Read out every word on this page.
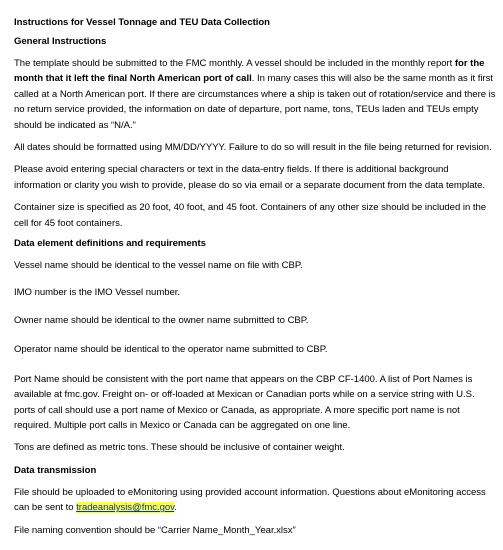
Instructions for Vessel Tonnage and TEU Data Collection
General Instructions

The template should be submitted to the FMC monthly. A vessel should be included in the monthly report for the month that it left the final North American port of call. In many cases this will also be the same month as it first called at a North American port. If there are circumstances where a ship is taken out of rotation/service and there is no return service provided, the information on date of departure, port name, tons, TEUs laden and TEUs empty should be indicated as “N/A.”

All dates should be formatted using MM/DD/YYYY. Failure to do so will result in the file being returned for revision.

Please avoid entering special characters or text in the data-entry fields. If there is additional background information or clarity you wish to provide, please do so via email or a separate document from the data template.

Container size is specified as 20 foot, 40 foot, and 45 foot. Containers of any other size should be included in the cell for 45 foot containers.

Data element definitions and requirements

Vessel name should be identical to the vessel name on file with CBP.

IMO number is the IMO Vessel number.

Owner name should be identical to the owner name submitted to CBP.

Operator name should be identical to the operator name submitted to CBP.

Port Name should be consistent with the port name that appears on the CBP CF-1400. A list of Port Names is available at fmc.gov. Freight on- or off-loaded at Mexican or Canadian ports while on a service string with U.S. ports of call should use a port name of Mexico or Canada, as appropriate. A more specific port name is not required. Multiple port calls in Mexico or Canada can be aggregated on one line.

Tons are defined as metric tons. These should be inclusive of container weight.

Data transmission

File should be uploaded to eMonitoring using provided account information. Questions about eMonitoring access can be sent to tradeanalysis@fmc.gov.

File naming convention should be “Carrier Name_Month_Year.xlsx”
